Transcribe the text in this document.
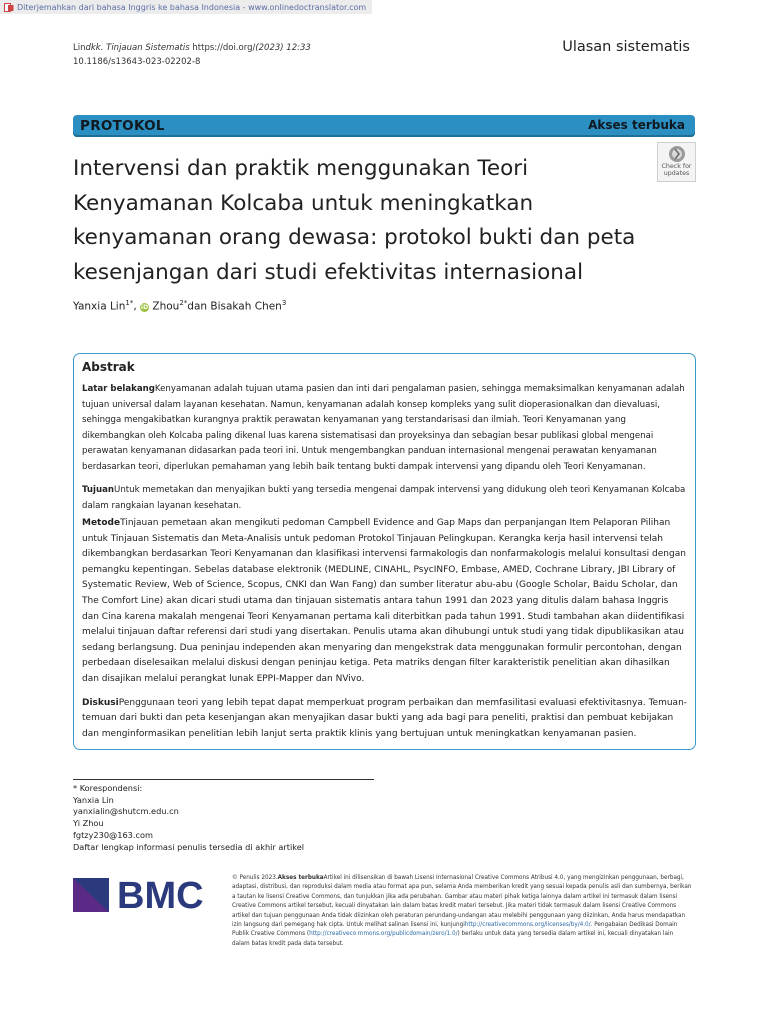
Diterjemahkan dari bahasa Inggris ke bahasa Indonesia - www.onlinedoctranslator.com
Lindkk. Tinjauan Sistematis https://doi.org/(2023) 12:33
10.1186/s13643-023-02202-8
Ulasan sistematis
PROTOKOL	Akses terbuka
Check for
updates
Intervensi dan praktik menggunakan Teori Kenyamanan Kolcaba untuk meningkatkan kenyamanan orang dewasa: protokol bukti dan peta kesenjangan dari studi efektivitas internasional
Yanxia Lin$^{1*}$, iD Zhou$^{2*}$dan Bisakah Chen$^3$
Abstrak

Latar belakangKenyamanan adalah tujuan utama pasien dan inti dari pengalaman pasien, sehingga memaksimalkan kenyamanan adalah tujuan universal dalam layanan kesehatan. Namun, kenyamanan adalah konsep kompleks yang sulit dioperasionalkan dan dievaluasi, sehingga mengakibatkan kurangnya praktik perawatan kenyamanan yang terstandarisasi dan ilmiah. Teori Kenyamanan yang dikembangkan oleh Kolcaba paling dikenal luas karena sistematisasi dan proyeksinya dan sebagian besar publikasi global mengenai perawatan kenyamanan didasarkan pada teori ini. Untuk mengembangkan panduan internasional mengenai perawatan kenyamanan berdasarkan teori, diperlukan pemahaman yang lebih baik tentang bukti dampak intervensi yang dipandu oleh Teori Kenyamanan.

TujuanUntuk memetakan dan menyajikan bukti yang tersedia mengenai dampak intervensi yang didukung oleh teori Kenyamanan Kolcaba dalam rangkaian layanan kesehatan.

MetodeTinjauan pemetaan akan mengikuti pedoman Campbell Evidence and Gap Maps dan perpanjangan Item Pelaporan Pilihan untuk Tinjauan Sistematis dan Meta-Analisis untuk pedoman Protokol Tinjauan Pelingkupan. Kerangka kerja hasil intervensi telah dikembangkan berdasarkan Teori Kenyamanan dan klasifikasi intervensi farmakologis dan nonfarmakologis melalui konsultasi dengan pemangku kepentingan. Sebelas database elektronik (MEDLINE, CINAHL, PsycINFO, Embase, AMED, Cochrane Library, JBI Library of Systematic Review, Web of Science, Scopus, CNKI dan Wan Fang) dan sumber literatur abu-abu (Google Scholar, Baidu Scholar, dan The Comfort Line) akan dicari studi utama dan tinjauan sistematis antara tahun 1991 dan 2023 yang ditulis dalam bahasa Inggris dan Cina karena makalah mengenai Teori Kenyamanan pertama kali diterbitkan pada tahun 1991. Studi tambahan akan diidentifikasi melalui tinjauan daftar referensi dari studi yang disertakan. Penulis utama akan dihubungi untuk studi yang tidak dipublikasikan atau sedang berlangsung. Dua peninjau independen akan menyaring dan mengekstrak data menggunakan formulir percontohan, dengan perbedaan diselesaikan melalui diskusi dengan peninjau ketiga. Peta matriks dengan filter karakteristik penelitian akan dihasilkan dan disajikan melalui perangkat lunak EPPI-Mapper dan NVivo.

DiskusiPenggunaan teori yang lebih tepat dapat memperkuat program perbaikan dan memfasilitasi evaluasi efektivitasnya. Temuan-temuan dari bukti dan peta kesenjangan akan menyajikan dasar bukti yang ada bagi para peneliti, praktisi dan pembuat kebijakan dan menginformasikan penelitian lebih lanjut serta praktik klinis yang bertujuan untuk meningkatkan kenyamanan pasien.

* Korespondensi:
Yanxia Lin
yanxialin@shutcm.edu.cn
Yi Zhou
fgtzy230@163.com
Daftar lengkap informasi penulis tersedia di akhir artikel
BMC	© Penulis 2023.Akses terbukaArtikel ini dilisensikan di bawah Lisensi Internasional Creative Commons Atribusi 4.0, yang mengizinkan penggunaan, berbagi, adaptasi, distribusi, dan reproduksi dalam media atau format apa pun, selama Anda memberikan kredit yang sesuai kepada penulis asli dan sumbernya, berikan a tautan ke lisensi Creative Commons, dan tunjukkan jika ada perubahan. Gambar atau materi pihak ketiga lainnya dalam artikel ini termasuk dalam lisensi Creative Commons artikel tersebut, kecuali dinyatakan lain dalam batas kredit materi tersebut. Jika materi tidak termasuk dalam lisensi Creative Commons artikel dan tujuan penggunaan Anda tidak diizinkan oleh peraturan perundang-undangan atau melebihi penggunaan yang diizinkan, Anda harus mendapatkan izin langsung dari pemegang hak cipta. Untuk melihat salinan lisensi ini, kunjungihttp://creativecommons.org/licenses/by/4.0/. Pengabaian Dedikasi Domain Publik Creative Commons (http://creativeco mmons.org/publicdomain/zero/1.0/) berlaku untuk data yang tersedia dalam artikel ini, kecuali dinyatakan lain dalam batas kredit pada data tersebut.
